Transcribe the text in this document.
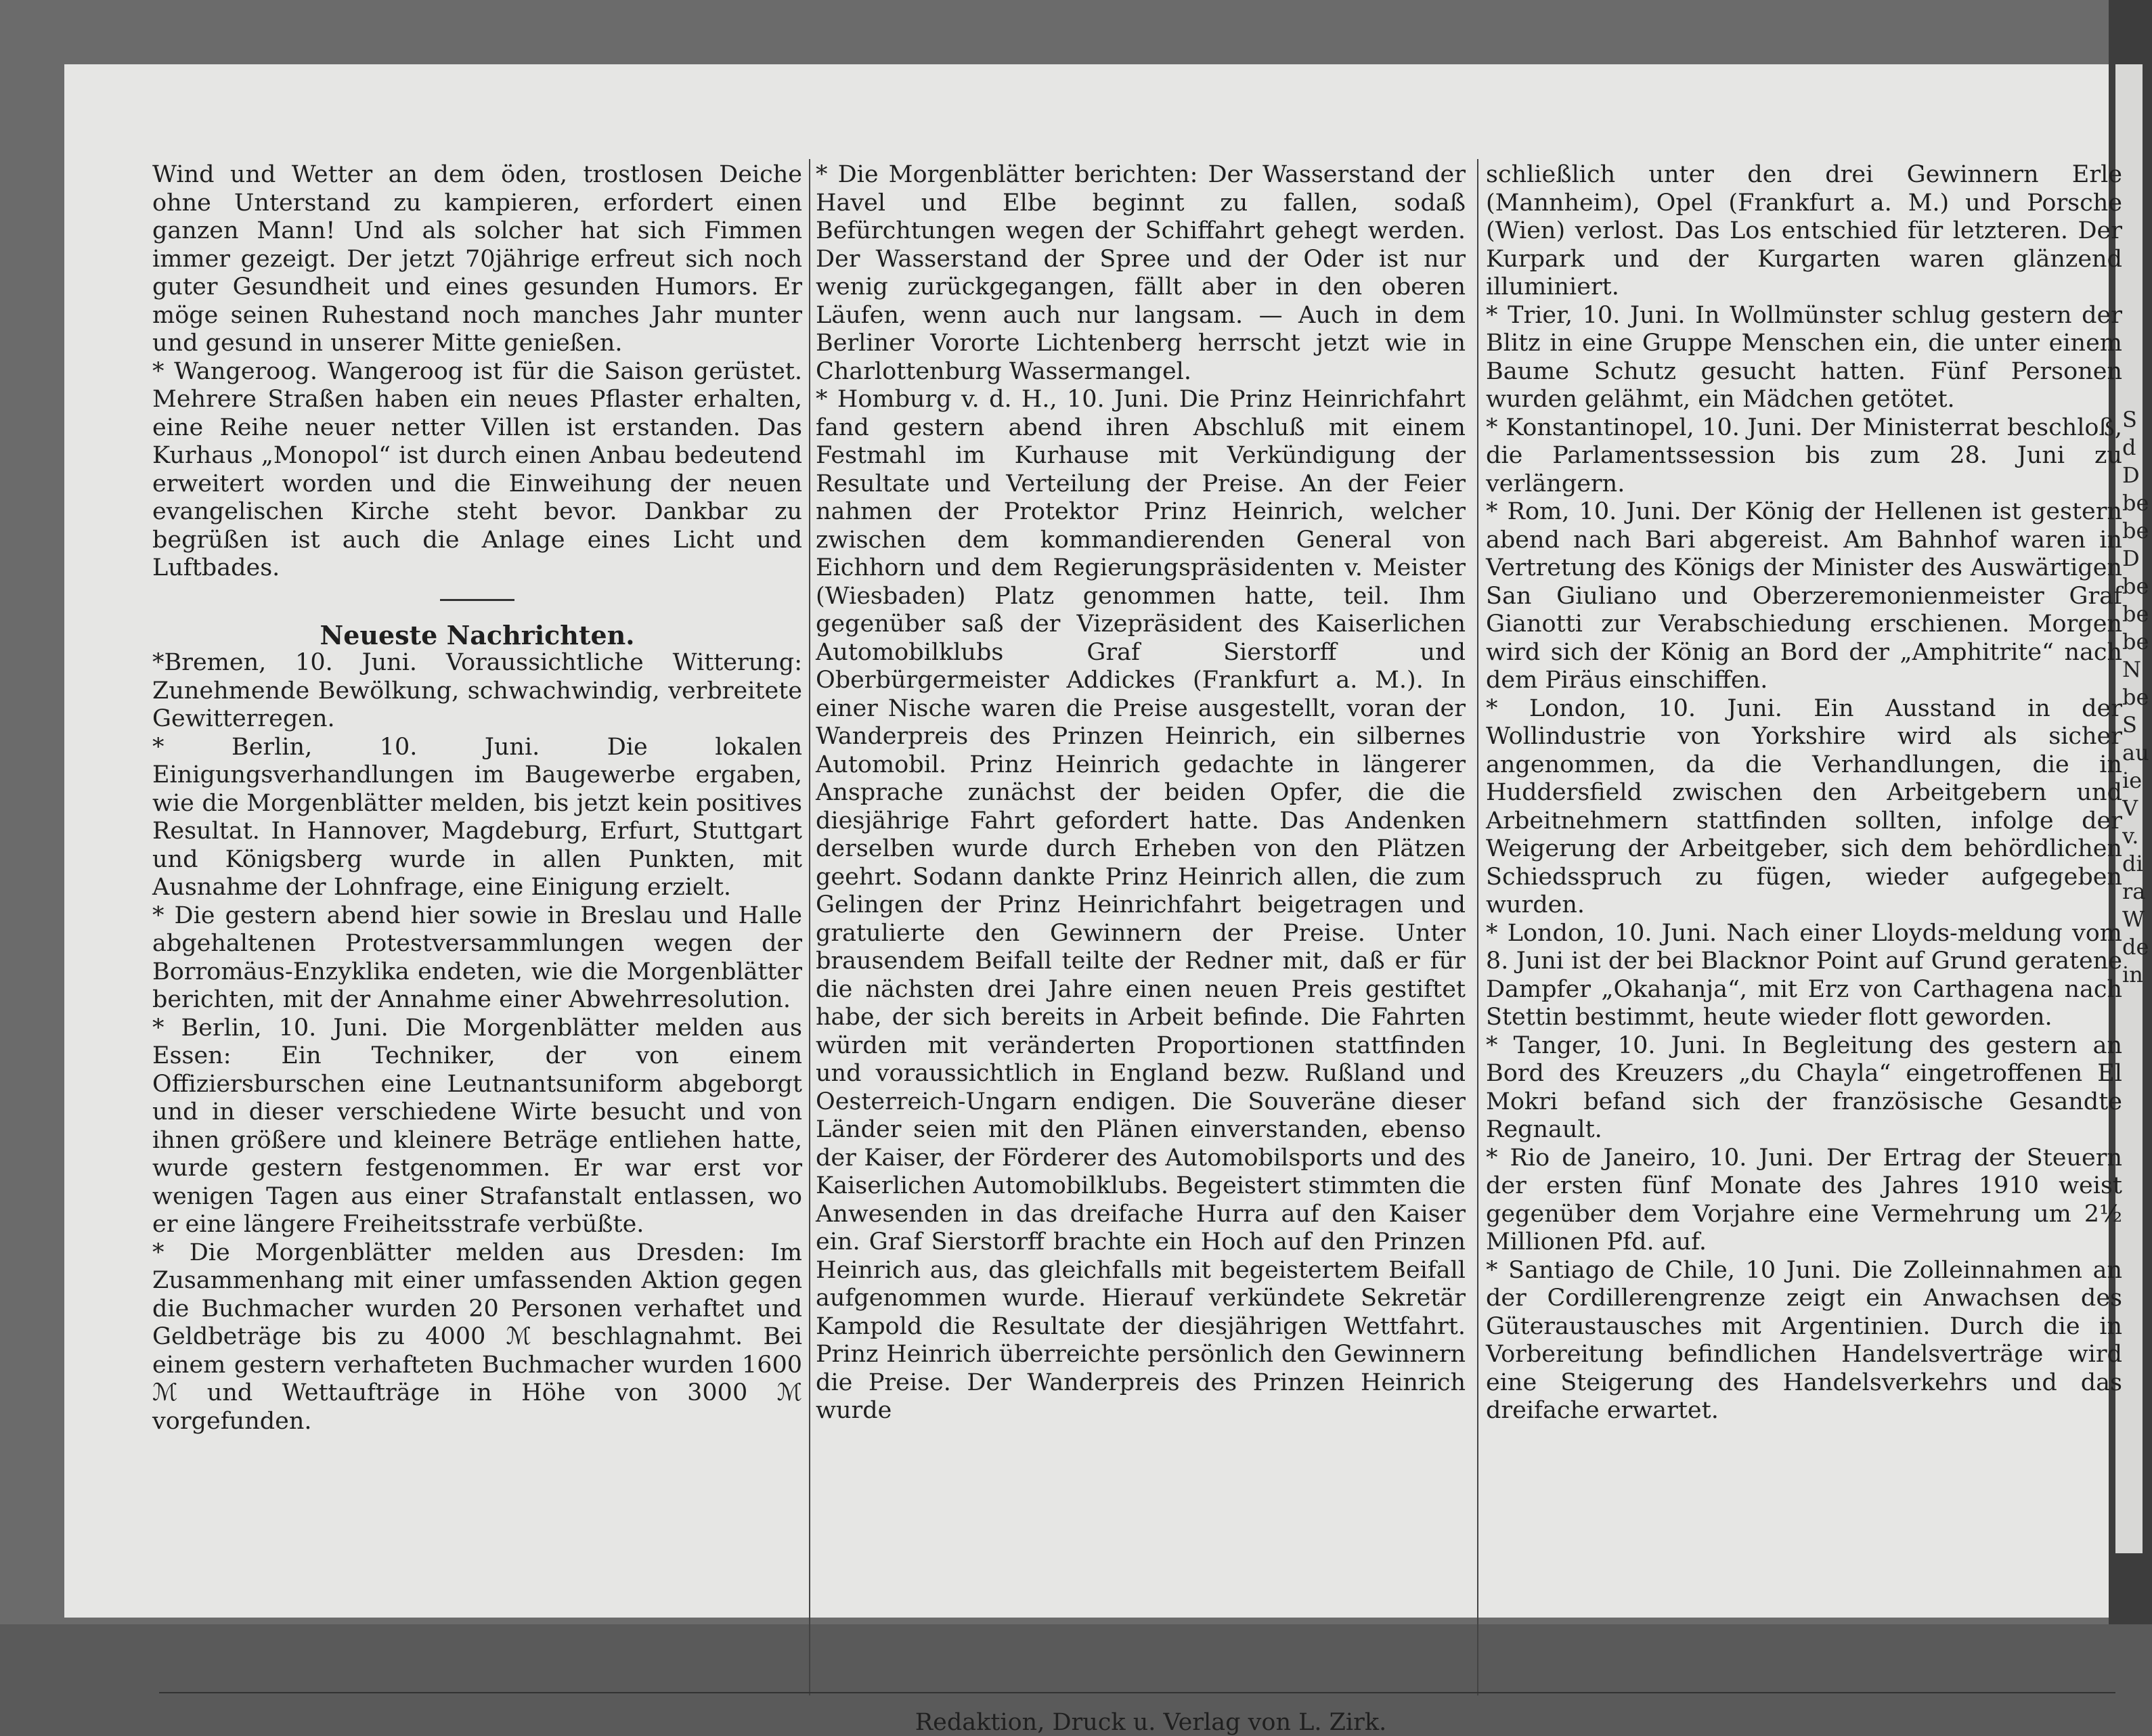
Wind und Wetter an dem öden, trostlosen Deiche ohne Unterstand zu kampieren, erfordert einen ganzen Mann! Und als solcher hat sich Fimmen immer gezeigt. Der jetzt 70jährige erfreut sich noch guter Gesundheit und eines gesunden Humors. Er möge seinen Ruhestand noch manches Jahr munter und gesund in unserer Mitte genießen.

* Wangeroog. Wangeroog ist für die Saison gerüstet. Mehrere Straßen haben ein neues Pflaster erhalten, eine Reihe neuer netter Villen ist erstanden. Das Kurhaus „Monopol“ ist durch einen Anbau bedeutend erweitert worden und die Einweihung der neuen evangelischen Kirche steht bevor. Dankbar zu begrüßen ist auch die Anlage eines Licht und Luftbades.

Neueste Nachrichten.

*Bremen, 10. Juni. Voraussichtliche Witterung: Zunehmende Bewölkung, schwachwindig, verbreitete Gewitterregen.

* Berlin, 10. Juni. Die lokalen Einigungsverhandlungen im Baugewerbe ergaben, wie die Morgenblätter melden, bis jetzt kein positives Resultat. In Hannover, Magdeburg, Erfurt, Stuttgart und Königsberg wurde in allen Punkten, mit Ausnahme der Lohnfrage, eine Einigung erzielt.

* Die gestern abend hier sowie in Breslau und Halle abgehaltenen Protestversammlungen wegen der Borromäus-Enzyklika endeten, wie die Morgenblätter berichten, mit der Annahme einer Abwehrresolution.

* Berlin, 10. Juni. Die Morgenblätter melden aus Essen: Ein Techniker, der von einem Offiziersburschen eine Leutnantsuniform abgeborgt und in dieser verschiedene Wirte besucht und von ihnen größere und kleinere Beträge entliehen hatte, wurde gestern festgenommen. Er war erst vor wenigen Tagen aus einer Strafanstalt entlassen, wo er eine längere Freiheitsstrafe verbüßte.

* Die Morgenblätter melden aus Dresden: Im Zusammenhang mit einer umfassenden Aktion gegen die Buchmacher wurden 20 Personen verhaftet und Geldbeträge bis zu 4000 ℳ beschlagnahmt. Bei einem gestern verhafteten Buchmacher wurden 1600 ℳ und Wettaufträge in Höhe von 3000 ℳ vorgefunden.

* Die Morgenblätter berichten: Der Wasserstand der Havel und Elbe beginnt zu fallen, sodaß Befürchtungen wegen der Schiffahrt gehegt werden. Der Wasserstand der Spree und der Oder ist nur wenig zurückgegangen, fällt aber in den oberen Läufen, wenn auch nur langsam. — Auch in dem Berliner Vororte Lichtenberg herrscht jetzt wie in Charlottenburg Wassermangel.

* Homburg v. d. H., 10. Juni. Die Prinz Heinrichfahrt fand gestern abend ihren Abschluß mit einem Festmahl im Kurhause mit Verkündigung der Resultate und Verteilung der Preise. An der Feier nahmen der Protektor Prinz Heinrich, welcher zwischen dem kommandierenden General von Eichhorn und dem Regierungspräsidenten v. Meister (Wiesbaden) Platz genommen hatte, teil. Ihm gegenüber saß der Vizepräsident des Kaiserlichen Automobilklubs Graf Sierstorff und Oberbürgermeister Addickes (Frankfurt a. M.). In einer Nische waren die Preise ausgestellt, voran der Wanderpreis des Prinzen Heinrich, ein silbernes Automobil. Prinz Heinrich gedachte in längerer Ansprache zunächst der beiden Opfer, die die diesjährige Fahrt gefordert hatte. Das Andenken derselben wurde durch Erheben von den Plätzen geehrt. Sodann dankte Prinz Heinrich allen, die zum Gelingen der Prinz Heinrichfahrt beigetragen und gratulierte den Gewinnern der Preise. Unter brausendem Beifall teilte der Redner mit, daß er für die nächsten drei Jahre einen neuen Preis gestiftet habe, der sich bereits in Arbeit befinde. Die Fahrten würden mit veränderten Proportionen stattfinden und voraussichtlich in England bezw. Rußland und Oesterreich-Ungarn endigen. Die Souveräne dieser Länder seien mit den Plänen einverstanden, ebenso der Kaiser, der Förderer des Automobilsports und des Kaiserlichen Automobilklubs. Begeistert stimmten die Anwesenden in das dreifache Hurra auf den Kaiser ein. Graf Sierstorff brachte ein Hoch auf den Prinzen Heinrich aus, das gleichfalls mit begeistertem Beifall aufgenommen wurde. Hierauf verkündete Sekretär Kampold die Resultate der diesjährigen Wettfahrt. Prinz Heinrich überreichte persönlich den Gewinnern die Preise. Der Wanderpreis des Prinzen Heinrich wurde

schließlich unter den drei Gewinnern Erle (Mannheim), Opel (Frankfurt a. M.) und Porsche (Wien) verlost. Das Los entschied für letzteren. Der Kurpark und der Kurgarten waren glänzend illuminiert.

* Trier, 10. Juni. In Wollmünster schlug gestern der Blitz in eine Gruppe Menschen ein, die unter einem Baume Schutz gesucht hatten. Fünf Personen wurden gelähmt, ein Mädchen getötet.

* Konstantinopel, 10. Juni. Der Ministerrat beschloß, die Parlamentssession bis zum 28. Juni zu verlängern.

* Rom, 10. Juni. Der König der Hellenen ist gestern abend nach Bari abgereist. Am Bahnhof waren in Vertretung des Königs der Minister des Auswärtigen San Giuliano und Oberzeremonienmeister Graf Gianotti zur Verabschiedung erschienen. Morgen wird sich der König an Bord der „Amphitrite“ nach dem Piräus einschiffen.

* London, 10. Juni. Ein Ausstand in der Wollindustrie von Yorkshire wird als sicher angenommen, da die Verhandlungen, die in Huddersfield zwischen den Arbeitgebern und Arbeitnehmern stattfinden sollten, infolge der Weigerung der Arbeitgeber, sich dem behördlichen Schiedsspruch zu fügen, wieder aufgegeben wurden.

* London, 10. Juni. Nach einer Lloyds-meldung vom 8. Juni ist der bei Blacknor Point auf Grund geratene Dampfer „Okahanja“, mit Erz von Carthagena nach Stettin bestimmt, heute wieder flott geworden.

* Tanger, 10. Juni. In Begleitung des gestern an Bord des Kreuzers „du Chayla“ eingetroffenen El Mokri befand sich der französische Gesandte Regnault.

* Rio de Janeiro, 10. Juni. Der Ertrag der Steuern der ersten fünf Monate des Jahres 1910 weist gegenüber dem Vorjahre eine Vermehrung um 2½ Millionen Pfd. auf.

* Santiago de Chile, 10 Juni. Die Zolleinnahmen an der Cordillerengrenze zeigt ein Anwachsen des Güteraustausches mit Argentinien. Durch die in Vorbereitung befindlichen Handelsverträge wird eine Steigerung des Handelsverkehrs und das dreifache erwartet.

Redaktion, Druck u. Verlag von L. Zirk.
S d D be be D be be be N be S au ie V v. di ra W de in
